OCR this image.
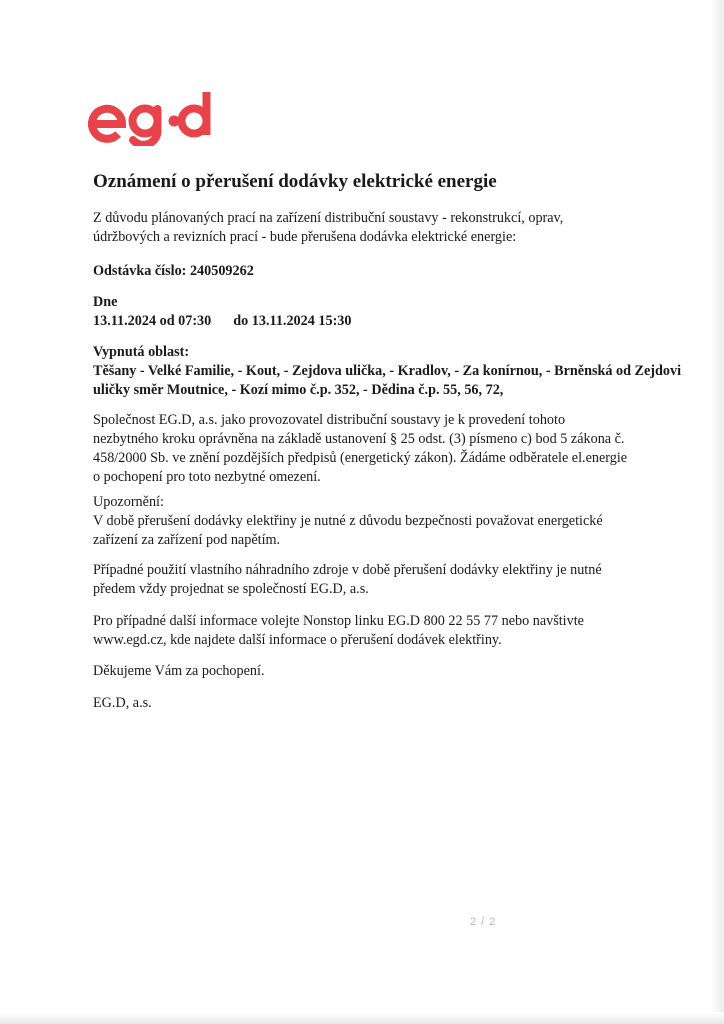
Oznámení o přerušení dodávky elektrické energie
Z důvodu plánovaných prací na zařízení distribuční soustavy - rekonstrukcí, oprav,
údržbových a revizních prací - bude přerušena dodávka elektrické energie:
Odstávka číslo: 240509262
Dne
13.11.2024 od 07:30 do 13.11.2024 15:30
Vypnutá oblast:
Těšany - Velké Familie, - Kout, - Zejdova ulička, - Kradlov, - Za konírnou, - Brněnská od Zejdovi
uličky směr Moutnice, - Kozí mimo č.p. 352, - Dědina č.p. 55, 56, 72,
Společnost EG.D, a.s. jako provozovatel distribuční soustavy je k provedení tohoto
nezbytného kroku oprávněna na základě ustanovení § 25 odst. (3) písmeno c) bod 5 zákona č.
458/2000 Sb. ve znění pozdějších předpisů (energetický zákon). Žádáme odběratele el.energie
o pochopení pro toto nezbytné omezení.
Upozornění:
V době přerušení dodávky elektřiny je nutné z důvodu bezpečnosti považovat energetické
zařízení za zařízení pod napětím.
Případné použití vlastního náhradního zdroje v době přerušení dodávky elektřiny je nutné
předem vždy projednat se společností EG.D, a.s.
Pro případné další informace volejte Nonstop linku EG.D 800 22 55 77 nebo navštivte
www.egd.cz, kde najdete další informace o přerušení dodávek elektřiny.
Děkujeme Vám za pochopení.
EG.D, a.s.
2 / 2
